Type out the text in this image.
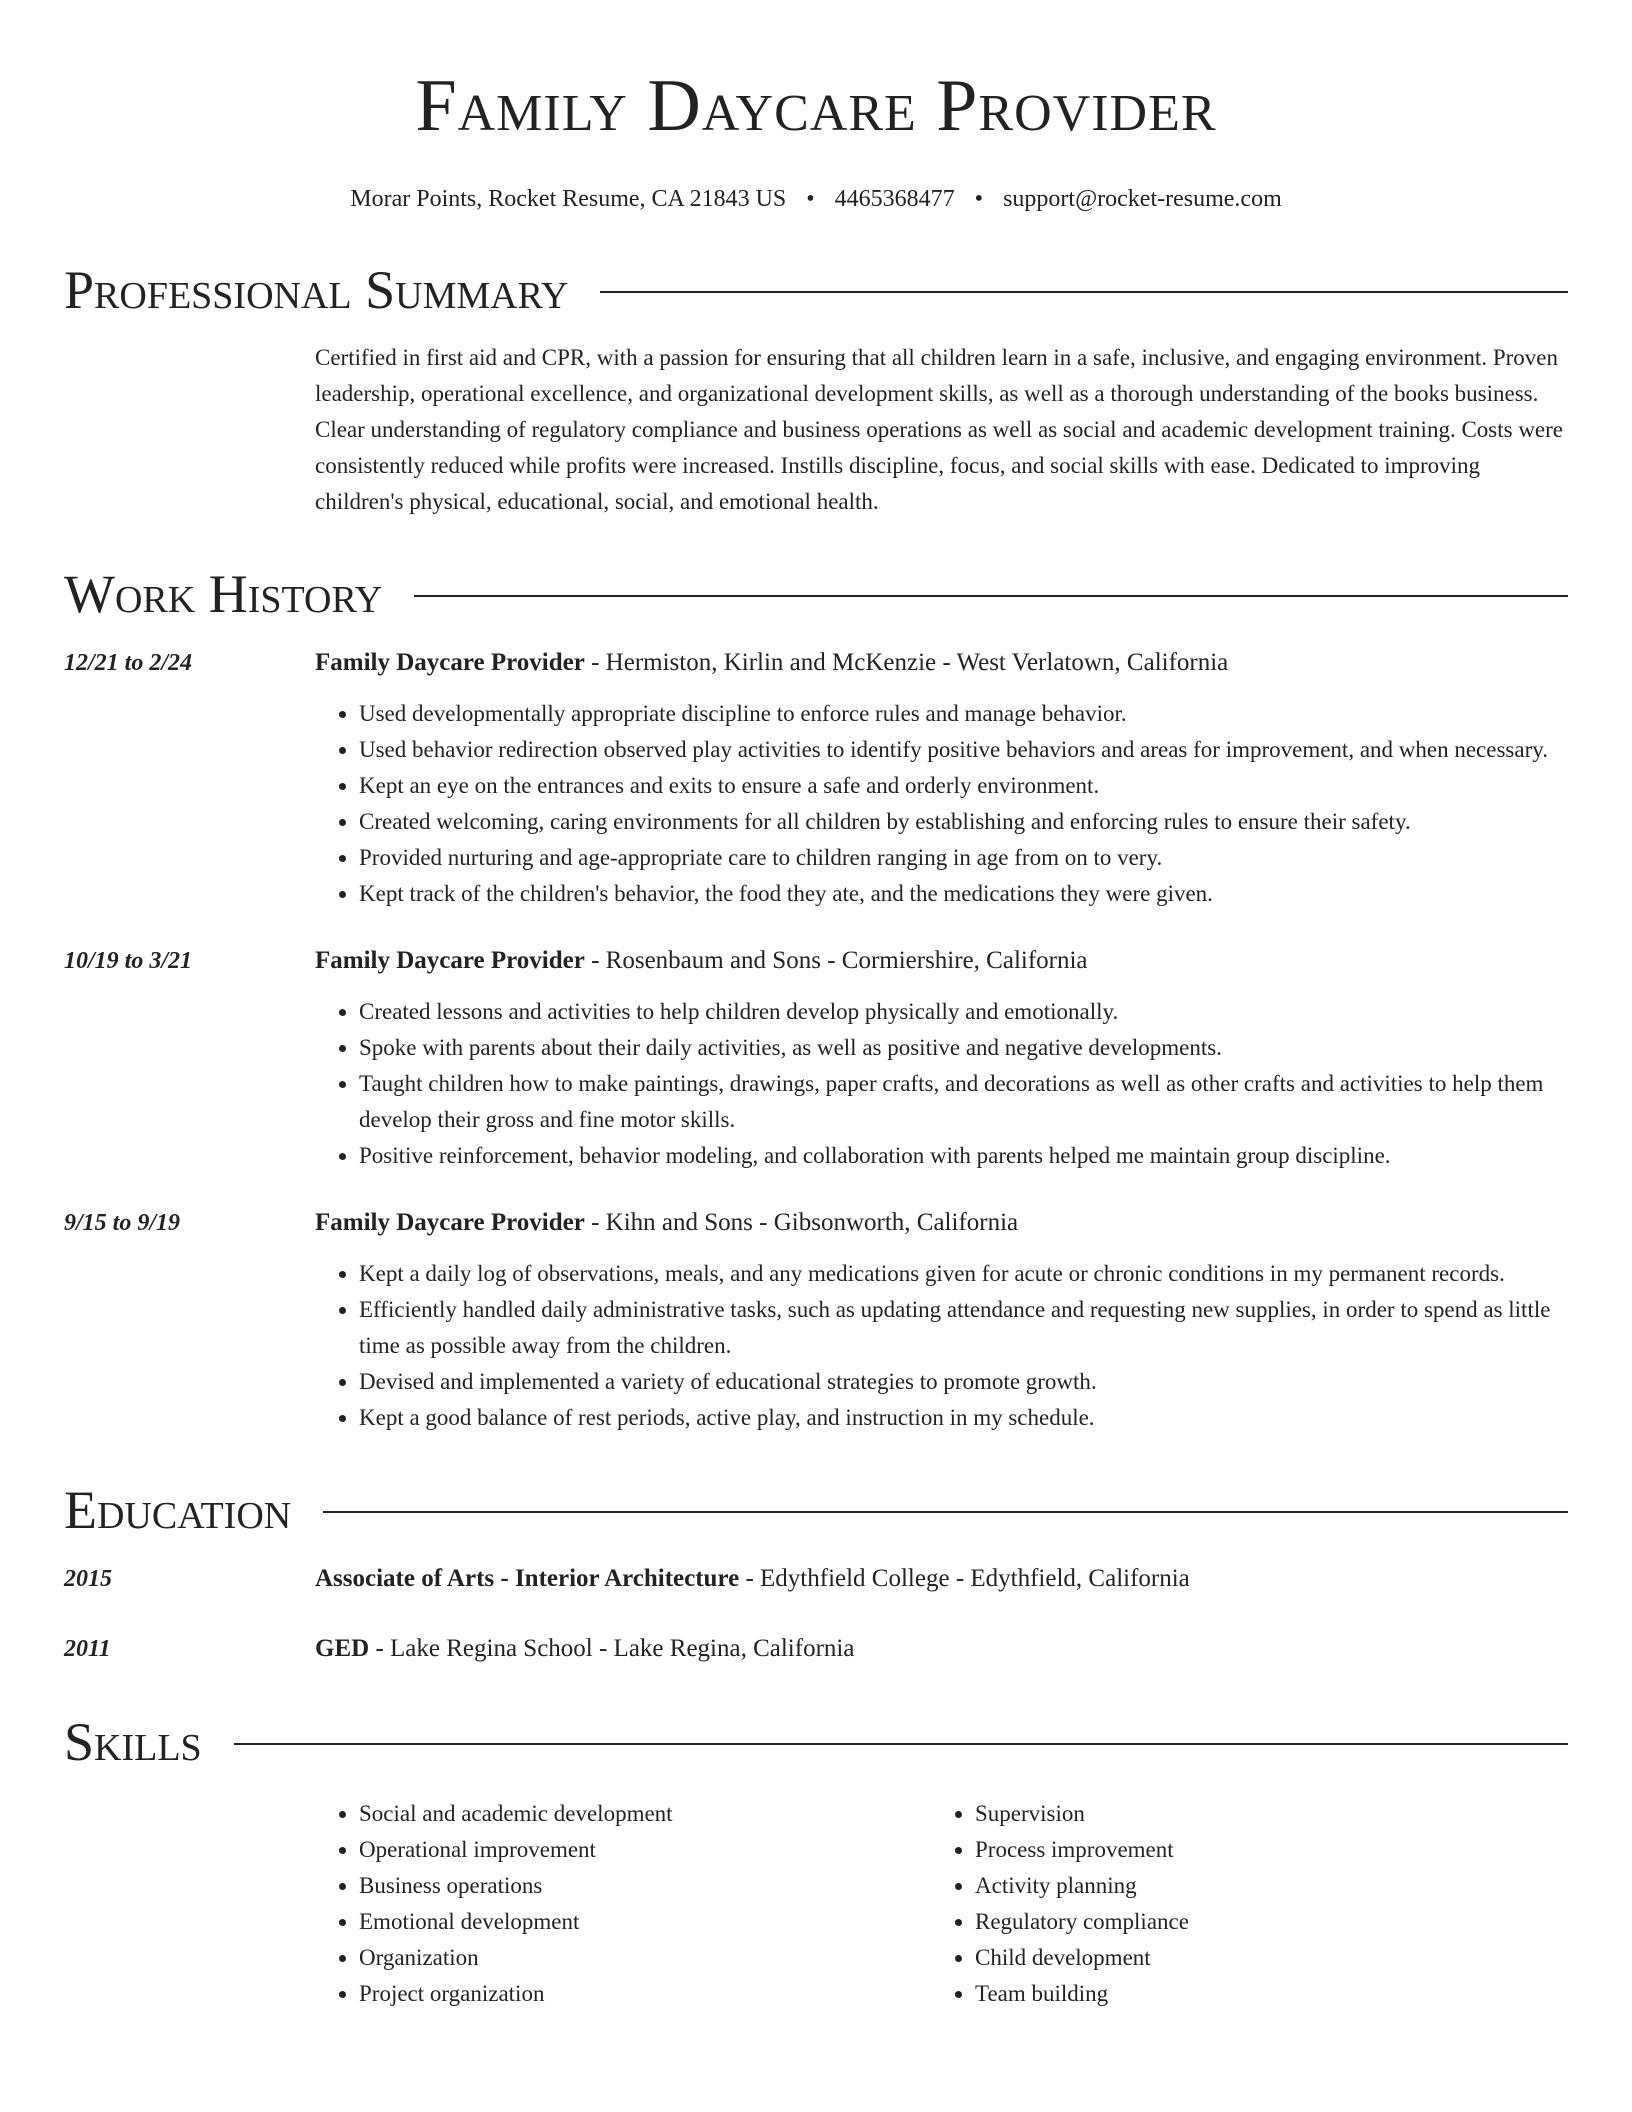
Family Daycare Provider
Morar Points, Rocket Resume, CA 21843 US • 4465368477 • support@rocket-resume.com
Professional Summary
Certified in first aid and CPR, with a passion for ensuring that all children learn in a safe, inclusive, and engaging environment. Proven leadership, operational excellence, and organizational development skills, as well as a thorough understanding of the books business. Clear understanding of regulatory compliance and business operations as well as social and academic development training. Costs were consistently reduced while profits were increased. Instills discipline, focus, and social skills with ease. Dedicated to improving children's physical, educational, social, and emotional health.
Work History
12/21 to 2/24	Family Daycare Provider - Hermiston, Kirlin and McKenzie - West Verlatown, California
• Used developmentally appropriate discipline to enforce rules and manage behavior.
• Used behavior redirection observed play activities to identify positive behaviors and areas for improvement, and when necessary.
• Kept an eye on the entrances and exits to ensure a safe and orderly environment.
• Created welcoming, caring environments for all children by establishing and enforcing rules to ensure their safety.
• Provided nurturing and age-appropriate care to children ranging in age from on to very.
• Kept track of the children's behavior, the food they ate, and the medications they were given.
10/19 to 3/21	Family Daycare Provider - Rosenbaum and Sons - Cormiershire, California
• Created lessons and activities to help children develop physically and emotionally.
• Spoke with parents about their daily activities, as well as positive and negative developments.
• Taught children how to make paintings, drawings, paper crafts, and decorations as well as other crafts and activities to help them develop their gross and fine motor skills.
• Positive reinforcement, behavior modeling, and collaboration with parents helped me maintain group discipline.
9/15 to 9/19	Family Daycare Provider - Kihn and Sons - Gibsonworth, California
• Kept a daily log of observations, meals, and any medications given for acute or chronic conditions in my permanent records.
• Efficiently handled daily administrative tasks, such as updating attendance and requesting new supplies, in order to spend as little time as possible away from the children.
• Devised and implemented a variety of educational strategies to promote growth.
• Kept a good balance of rest periods, active play, and instruction in my schedule.
Education
2015	Associate of Arts - Interior Architecture - Edythfield College - Edythfield, California
2011	GED - Lake Regina School - Lake Regina, California
Skills
• Social and academic development
• Operational improvement
• Business operations
• Emotional development
• Organization
• Project organization
• Supervision
• Process improvement
• Activity planning
• Regulatory compliance
• Child development
• Team building
